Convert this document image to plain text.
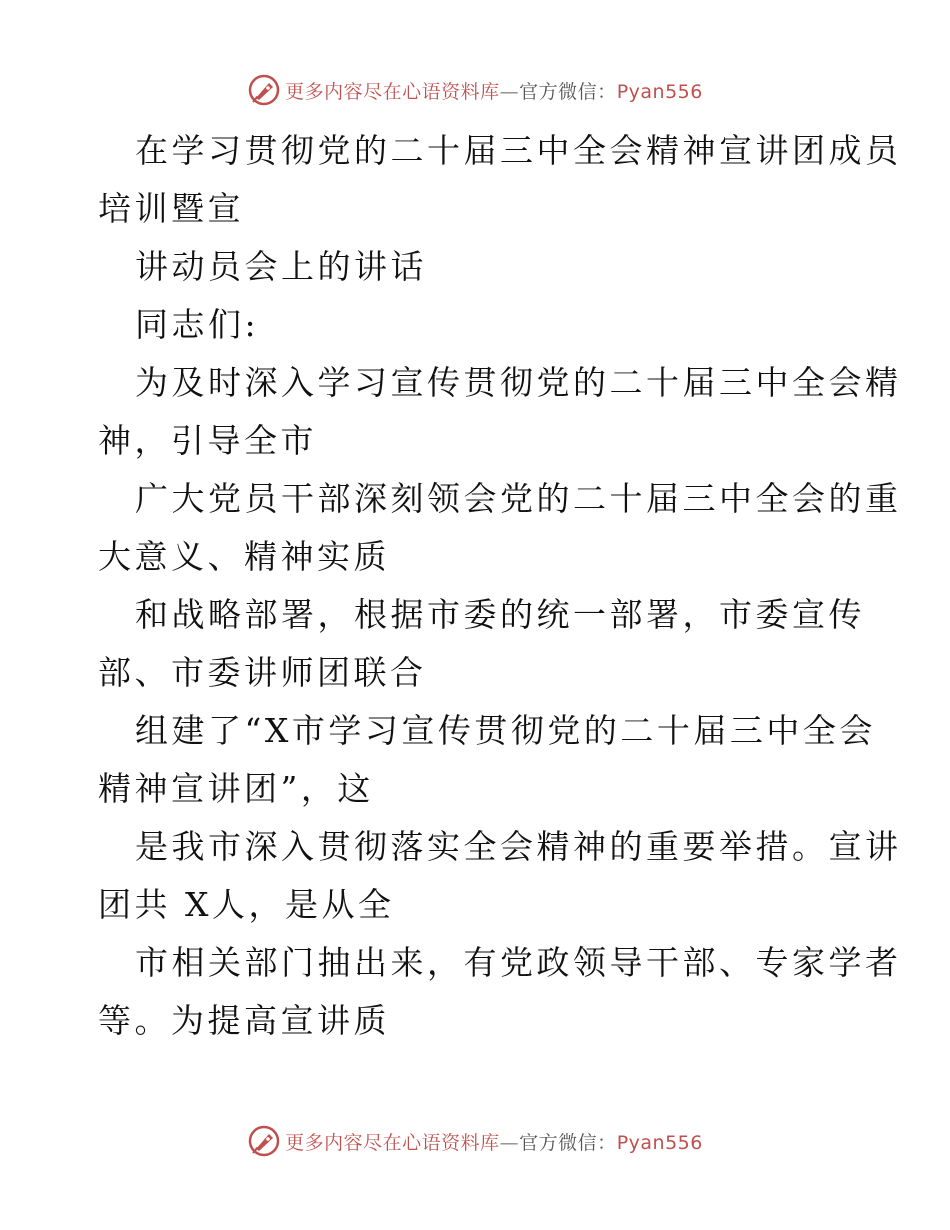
更多内容尽在心语资料库—官方微信：Pyan556
在学习贯彻党的二十届三中全会精神宣讲团成员
培训暨宣
讲动员会上的讲话
同志们:
为及时深入学习宣传贯彻党的二十届三中全会精
神，引导全市
广大党员干部深刻领会党的二十届三中全会的重
大意义、精神实质
和战略部署，根据市委的统一部署，市委宣传
部、市委讲师团联合
组建了“X市学习宣传贯彻党的二十届三中全会
精神宣讲团”，这
是我市深入贯彻落实全会精神的重要举措。宣讲
团共 X人，是从全
市相关部门抽出来，有党政领导干部、专家学者
等。为提高宣讲质
更多内容尽在心语资料库—官方微信：Pyan556
